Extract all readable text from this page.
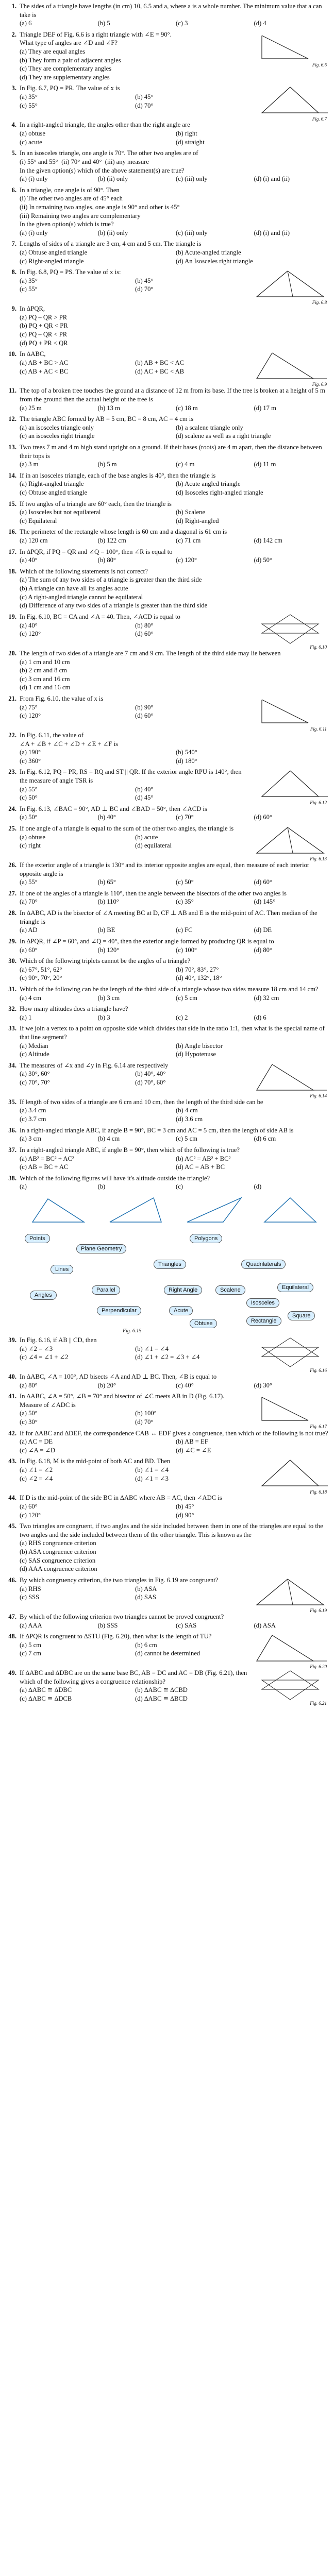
1. The sides of a triangle have lengths (in cm) 10, 6.5 and a, where a is a whole number. The minimum value that a can take is
(a) 6	(b) 5	(c) 3	(d) 4
2. Triangle DEF of Fig. 6.6 is a right triangle with ∠E = 90°.
What type of angles are ∠D and ∠F?
(a) They are equal angles
(b) They form a pair of adjacent angles
(c) They are complementary angles
(d) They are supplementary angles
Fig. 6.6
3. In Fig. 6.7, PQ = PR. The value of x is
(a) 35°	(b) 45°
(c) 55°	(d) 70°
Fig. 6.7
4. In a right-angled triangle, the angles other than the right angle are
(a) obtuse	(b) right
(c) acute	(d) straight
5. In an isosceles triangle, one angle is 70°. The other two angles are of
(i) 55° and 55°  (ii) 70° and 40°  (iii) any measure
In the given option(s) which of the above statement(s) are true?
(a) (i) only	(b) (ii) only	(c) (iii) only	(d) (i) and (ii)
6. In a triangle, one angle is of 90°. Then
(i) The other two angles are of 45° each
(ii) In remaining two angles, one angle is 90° and other is 45°
(iii) Remaining two angles are complementary
In the given option(s) which is true?
(a) (i) only	(b) (ii) only	(c) (iii) only	(d) (i) and (ii)
7. Lengths of sides of a triangle are 3 cm, 4 cm and 5 cm. The triangle is
(a) Obtuse angled triangle	(b) Acute-angled triangle
(c) Right-angled triangle	(d) An Isosceles right triangle
8. In Fig. 6.8, PQ = PS. The value of x is:
(a) 35°	(b) 45°
(c) 55°	(d) 70°
Fig. 6.8
9. In ∆PQR,
(a) PQ – QR > PR
(b) PQ + QR < PR
(c) PQ – QR < PR
(d) PQ + PR < QR
10. In ∆ABC,
(a) AB + BC > AC	(b) AB + BC < AC
(c) AB + AC < BC	(d) AC + BC < AB
Fig. 6.9
11. The top of a broken tree touches the ground at a distance of 12 m from its base. If the tree is broken at a height of 5 m from the ground then the actual height of the tree is
(a) 25 m	(b) 13 m	(c) 18 m	(d) 17 m
12. The triangle ABC formed by AB = 5 cm, BC = 8 cm, AC = 4 cm is
(a) an isosceles triangle only	(b) a scalene triangle only
(c) an isosceles right triangle	(d) scalene as well as a right triangle
13. Two trees 7 m and 4 m high stand upright on a ground. If their bases (roots) are 4 m apart, then the distance between their tops is
(a) 3 m	(b) 5 m	(c) 4 m	(d) 11 m
14. If in an isosceles triangle, each of the base angles is 40°, then the triangle is
(a) Right-angled triangle	(b) Acute angled triangle
(c) Obtuse angled triangle	(d) Isosceles right-angled triangle
15. If two angles of a triangle are 60° each, then the triangle is
(a) Isosceles but not equilateral	(b) Scalene
(c) Equilateral	(d) Right-angled
16. The perimeter of the rectangle whose length is 60 cm and a diagonal is 61 cm is
(a) 120 cm	(b) 122 cm	(c) 71 cm	(d) 142 cm
17. In ∆PQR, if PQ = QR and ∠Q = 100°, then ∠R is equal to
(a) 40°	(b) 80°	(c) 120°	(d) 50°
18. Which of the following statements is not correct?
(a) The sum of any two sides of a triangle is greater than the third side
(b) A triangle can have all its angles acute
(c) A right-angled triangle cannot be equilateral
(d) Difference of any two sides of a triangle is greater than the third side
19. In Fig. 6.10, BC = CA and ∠A = 40. Then, ∠ACD is equal to
(a) 40°	(b) 80°
(c) 120°	(d) 60°
Fig. 6.10
20. The length of two sides of a triangle are 7 cm and 9 cm. The length of the third side may lie between
(a) 1 cm and 10 cm
(b) 2 cm and 8 cm
(c) 3 cm and 16 cm
(d) 1 cm and 16 cm
21. From Fig. 6.10, the value of x is
(a) 75°	(b) 90°
(c) 120°	(d) 60°
Fig. 6.11
22. In Fig. 6.11, the value of
∠A + ∠B + ∠C + ∠D + ∠E + ∠F is
(a) 190°	(b) 540°
(c) 360°	(d) 180°
23. In Fig. 6.12, PQ = PR, RS = RQ and ST || QR. If the exterior angle RPU is 140°, then the measure of angle TSR is
(a) 55°	(b) 40°
(c) 50°	(d) 45°
Fig. 6.12
24. In Fig. 6.13, ∠BAC = 90°, AD ⊥ BC and ∠BAD = 50°, then ∠ACD is
(a) 50°	(b) 40°	(c) 70°	(d) 60°
25. If one angle of a triangle is equal to the sum of the other two angles, the triangle is
(a) obtuse	(b) acute
(c) right	(d) equilateral
Fig. 6.13
26. If the exterior angle of a triangle is 130° and its interior opposite angles are equal, then measure of each interior opposite angle is
(a) 55°	(b) 65°	(c) 50°	(d) 60°
27. If one of the angles of a triangle is 110°, then the angle between the bisectors of the other two angles is
(a) 70°	(b) 110°	(c) 35°	(d) 145°
28. In ∆ABC, AD is the bisector of ∠A meeting BC at D, CF ⊥ AB and E is the mid-point of AC. Then median of the triangle is
(a) AD	(b) BE	(c) FC	(d) DE
29. In ∆PQR, if ∠P = 60°, and ∠Q = 40°, then the exterior angle formed by producing QR is equal to
(a) 60°	(b) 120°	(c) 100°	(d) 80°
30. Which of the following triplets cannot be the angles of a triangle?
(a) 67°, 51°, 62°	(b) 70°, 83°, 27°
(c) 90°, 70°, 20°	(d) 40°, 132°, 18°
31. Which of the following can be the length of the third side of a triangle whose two sides measure 18 cm and 14 cm?
(a) 4 cm	(b) 3 cm	(c) 5 cm	(d) 32 cm
32. How many altitudes does a triangle have?
(a) 1	(b) 3	(c) 2	(d) 6
33. If we join a vertex to a point on opposite side which divides that side in the ratio 1:1, then what is the special name of that line segment?
(a) Median	(b) Angle bisector
(c) Altitude	(d) Hypotenuse
34. The measures of ∠x and ∠y in Fig. 6.14 are respectively
(a) 30°, 60°	(b) 40°, 40°
(c) 70°, 70°	(d) 70°, 60°
Fig. 6.14
35. If length of two sides of a triangle are 6 cm and 10 cm, then the length of the third side can be
(a) 3.4 cm	(b) 4 cm
(c) 3.7 cm	(d) 3.6 cm
36. In a right-angled triangle ABC, if angle B = 90°, BC = 3 cm and AC = 5 cm, then the length of side AB is
(a) 3 cm	(b) 4 cm	(c) 5 cm	(d) 6 cm
37. In a right-angled triangle ABC, if angle B = 90°, then which of the following is true?
(a) AB² = BC² + AC²	(b) AC² = AB² + BC²
(c) AB = BC + AC	(d) AC = AB + BC
38. Which of the following figures will have it's altitude outside the triangle?
(a)	(b)	(c)	(d)
Points
Plane Geometry
Polygons
Lines
Triangles	Quadrilaterals
Angles
Parallel
Perpendicular
Scalene
Isosceles
Equilateral
Right Angle
Acute
Obtuse	Rectangle
Square
Fig. 6.15
39. In Fig. 6.16, if AB || CD, then
(a) ∠2 = ∠3	(b) ∠1 = ∠4
(c) ∠4 = ∠1 + ∠2	(d) ∠1 + ∠2 = ∠3 + ∠4
Fig. 6.16
40. In ∆ABC, ∠A = 100°, AD bisects ∠A and AD ⊥ BC. Then, ∠B is equal to
(a) 80°	(b) 20°	(c) 40°	(d) 30°
41. In ∆ABC, ∠A = 50°, ∠B = 70° and bisector of ∠C meets AB in D (Fig. 6.17). Measure of ∠ADC is
(a) 50°	(b) 100°
(c) 30°	(d) 70°
Fig. 6.17
42. If for ∆ABC and ∆DEF, the correspondence CAB ↔ EDF gives a congruence, then which of the following is not true?
(a) AC = DE	(b) AB = EF
(c) ∠A = ∠D	(d) ∠C = ∠E
43. In Fig. 6.18, M is the mid-point of both AC and BD. Then
(a) ∠1 = ∠2	(b) ∠1 = ∠4
(c) ∠2 = ∠4	(d) ∠1 = ∠3
Fig. 6.18
44. If D is the mid-point of the side BC in ∆ABC where AB = AC, then ∠ADC is
(a) 60°	(b) 45°
(c) 120°	(d) 90°
45. Two triangles are congruent, if two angles and the side included between them in one of the triangles are equal to the two angles and the side included between them of the other triangle. This is known as the
(a) RHS congruence criterion
(b) ASA congruence criterion
(c) SAS congruence criterion
(d) AAA congruence criterion
46. By which congruency criterion, the two triangles in Fig. 6.19 are congruent?
(a) RHS	(b) ASA
(c) SSS	(d) SAS
Fig. 6.19
47. By which of the following criterion two triangles cannot be proved congruent?
(a) AAA	(b) SSS	(c) SAS	(d) ASA
48. If ∆PQR is congruent to ∆STU (Fig. 6.20), then what is the length of TU?
(a) 5 cm	(b) 6 cm
(c) 7 cm	(d) cannot be determined
Fig. 6.20
49. If ∆ABC and ∆DBC are on the same base BC, AB = DC and AC = DB (Fig. 6.21), then which of the following gives a congruence relationship?
(a) ∆ABC ≅ ∆DBC	(b) ∆ABC ≅ ∆CBD
(c) ∆ABC ≅ ∆DCB	(d) ∆ABC ≅ ∆BCD
Fig. 6.21
